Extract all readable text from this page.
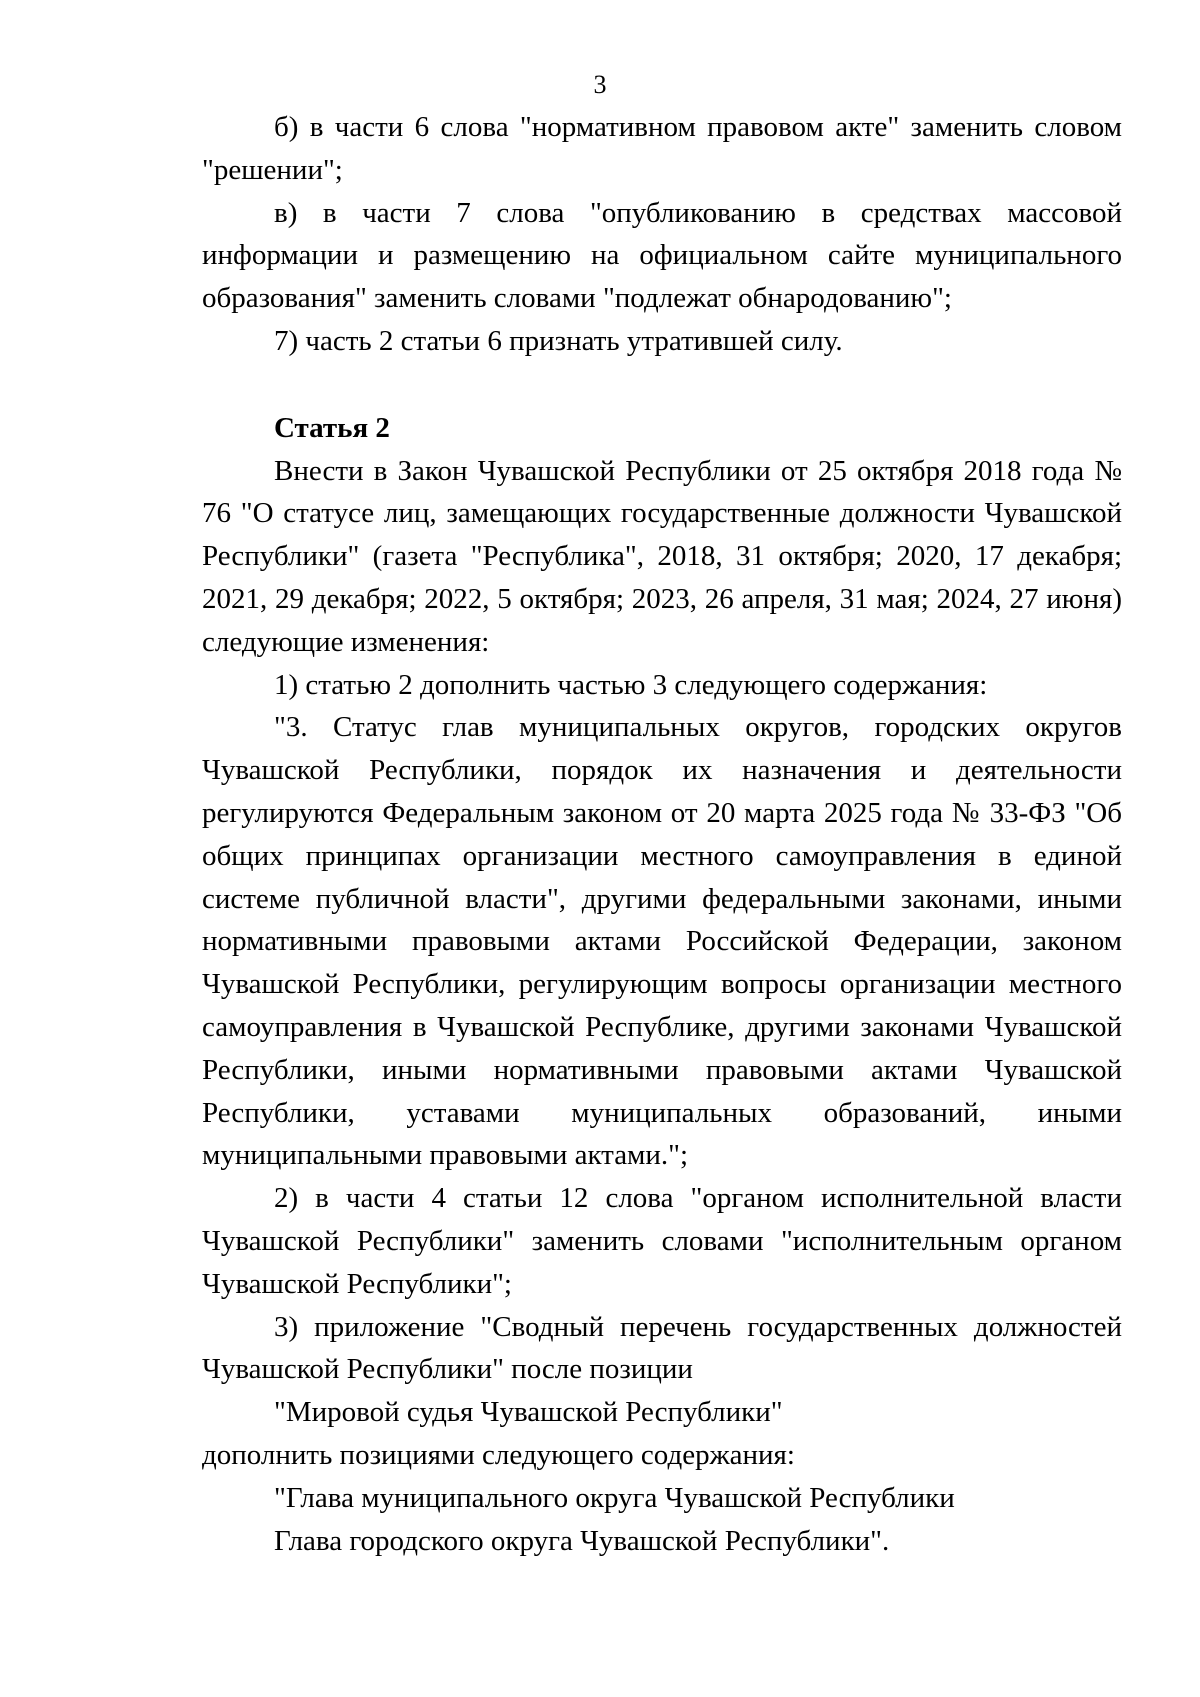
3

б) в части 6 слова "нормативном правовом акте" заменить словом "решении";

в) в части 7 слова "опубликованию в средствах массовой информации и размещению на официальном сайте муниципального образования" заменить словами "подлежат обнародованию";

7) часть 2 статьи 6 признать утратившей силу.

Статья 2

Внести в Закон Чувашской Республики от 25 октября 2018 года № 76 "О статусе лиц, замещающих государственные должности Чувашской Республики" (газета "Республика", 2018, 31 октября; 2020, 17 декабря; 2021, 29 декабря; 2022, 5 октября; 2023, 26 апреля, 31 мая; 2024, 27 июня) следующие изменения:

1) статью 2 дополнить частью 3 следующего содержания:

"3. Статус глав муниципальных округов, городских округов Чувашской Республики, порядок их назначения и деятельности регулируются Федеральным законом от 20 марта 2025 года № 33-ФЗ "Об общих принципах организации местного самоуправления в единой системе публичной власти", другими федеральными законами, иными нормативными правовыми актами Российской Федерации, законом Чувашской Республики, регулирующим вопросы организации местного самоуправления в Чувашской Республике, другими законами Чувашской Республики, иными нормативными правовыми актами Чувашской Республики, уставами муниципальных образований, иными муниципальными правовыми актами.";

2) в части 4 статьи 12 слова "органом исполнительной власти Чувашской Республики" заменить словами "исполнительным органом Чувашской Республики";

3) приложение "Сводный перечень государственных должностей Чувашской Республики" после позиции

"Мировой судья Чувашской Республики"

дополнить позициями следующего содержания:

"Глава муниципального округа Чувашской Республики

Глава городского округа Чувашской Республики".
